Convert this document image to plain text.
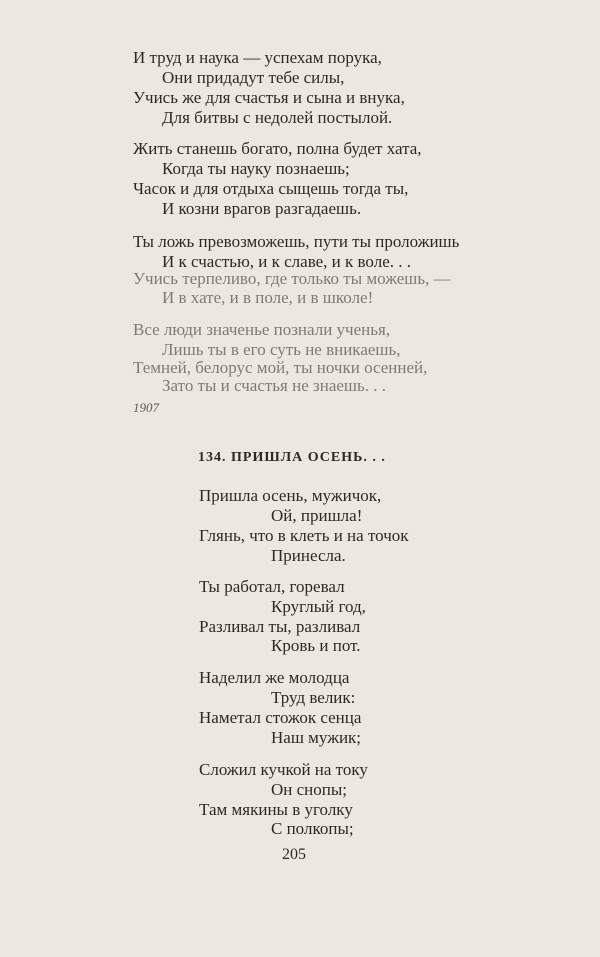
И труд и наука — успехам порука,
Они придадут тебе силы,
Учись же для счастья и сына и внука,
Для битвы с недолей постылой.
Жить станешь богато, полна будет хата,
Когда ты науку познаешь;
Часок и для отдыха сыщешь тогда ты,
И козни врагов разгадаешь.
Ты ложь превозможешь, пути ты проложишь
И к счастью, и к славе, и к воле. . .
Учись терпеливо, где только ты можешь, —
И в хате, и в поле, и в школе!
Все люди значенье познали ученья,
Лишь ты в его суть не вникаешь,
Темней, белорус мой, ты ночки осенней,
Зато ты и счастья не знаешь. . .
1907
134. ПРИШЛА ОСЕНЬ. . .
Пришла осень, мужичок,
Ой, пришла!
Глянь, что в клеть и на точок
Принесла.
Ты работал, горевал
Круглый год,
Разливал ты, разливал
Кровь и пот.
Наделил же молодца
Труд велик:
Наметал стожок сенца
Наш мужик;
Сложил кучкой на току
Он снопы;
Там мякины в уголку
С полкопы;
205
